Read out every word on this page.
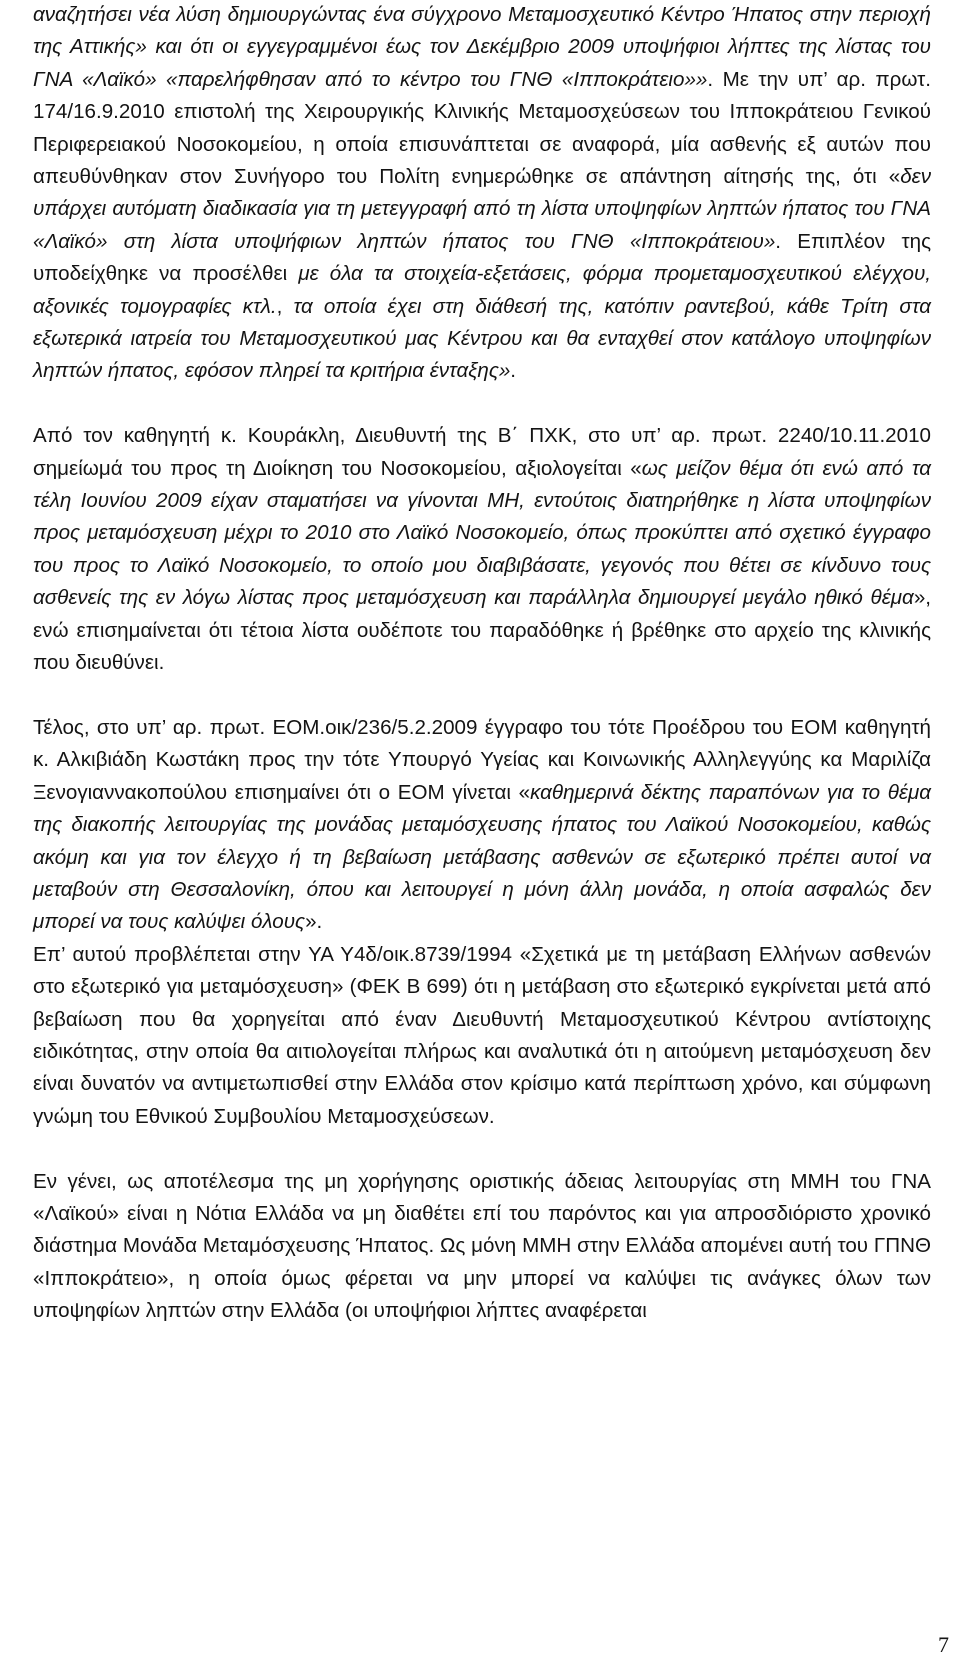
αναζητήσει νέα λύση δημιουργώντας ένα σύγχρονο Μεταμοσχευτικό Κέντρο Ήπατος στην περιοχή της Αττικής» και ότι οι εγγεγραμμένοι έως τον Δεκέμβριο 2009 υποψήφιοι λήπτες της λίστας του ΓΝΑ «Λαϊκό» «παρελήφθησαν από το κέντρο του ΓΝΘ «Ιπποκράτειο»». Με την υπ’ αρ. πρωτ. 174/16.9.2010 επιστολή της Χειρουργικής Κλινικής Μεταμοσχεύσεων του Ιπποκράτειου Γενικού Περιφερειακού Νοσοκομείου, η οποία επισυνάπτεται σε αναφορά, μία ασθενής εξ αυτών που απευθύνθηκαν στον Συνήγορο του Πολίτη ενημερώθηκε σε απάντηση αίτησής της, ότι «δεν υπάρχει αυτόματη διαδικασία για τη μετεγγραφή από τη λίστα υποψηφίων ληπτών ήπατος του ΓΝΑ «Λαϊκό» στη λίστα υποψήφιων ληπτών ήπατος του ΓΝΘ «Ιπποκράτειου». Επιπλέον της υποδείχθηκε να προσέλθει με όλα τα στοιχεία-εξετάσεις, φόρμα προμεταμοσχευτικού ελέγχου, αξονικές τομογραφίες κτλ., τα οποία έχει στη διάθεσή της, κατόπιν ραντεβού, κάθε Τρίτη στα εξωτερικά ιατρεία του Μεταμοσχευτικού μας Κέντρου και θα ενταχθεί στον κατάλογο υποψηφίων ληπτών ήπατος, εφόσον πληρεί τα κριτήρια ένταξης».

Από τον καθηγητή κ. Κουράκλη, Διευθυντή της Β΄ ΠΧΚ, στο υπ’ αρ. πρωτ. 2240/10.11.2010 σημείωμά του προς τη Διοίκηση του Νοσοκομείου, αξιολογείται «ως μείζον θέμα ότι ενώ από τα τέλη Ιουνίου 2009 είχαν σταματήσει να γίνονται ΜΗ, εντούτοις διατηρήθηκε η λίστα υποψηφίων προς μεταμόσχευση μέχρι το 2010 στο Λαϊκό Νοσοκομείο, όπως προκύπτει από σχετικό έγγραφο του προς το Λαϊκό Νοσοκομείο, το οποίο μου διαβιβάσατε, γεγονός που θέτει σε κίνδυνο τους ασθενείς της εν λόγω λίστας προς μεταμόσχευση και παράλληλα δημιουργεί μεγάλο ηθικό θέμα», ενώ επισημαίνεται ότι τέτοια λίστα ουδέποτε του παραδόθηκε ή βρέθηκε στο αρχείο της κλινικής που διευθύνει.

Τέλος, στο υπ’ αρ. πρωτ. ΕΟΜ.οικ/236/5.2.2009 έγγραφο του τότε Προέδρου του ΕΟΜ καθηγητή κ. Αλκιβιάδη Κωστάκη προς την τότε Υπουργό Υγείας και Κοινωνικής Αλληλεγγύης κα Μαριλίζα Ξενογιαννακοπούλου επισημαίνει ότι ο ΕΟΜ γίνεται «καθημερινά δέκτης παραπόνων για το θέμα της διακοπής λειτουργίας της μονάδας μεταμόσχευσης ήπατος του Λαϊκού Νοσοκομείου, καθώς ακόμη και για τον έλεγχο ή τη βεβαίωση μετάβασης ασθενών σε εξωτερικό πρέπει αυτοί να μεταβούν στη Θεσσαλονίκη, όπου και λειτουργεί η μόνη άλλη μονάδα, η οποία ασφαλώς δεν μπορεί να τους καλύψει όλους».

Επ’ αυτού προβλέπεται στην ΥΑ Υ4δ/οικ.8739/1994 «Σχετικά με τη μετάβαση Ελλήνων ασθενών στο εξωτερικό για μεταμόσχευση» (ΦΕΚ Β 699) ότι η μετάβαση στο εξωτερικό εγκρίνεται μετά από βεβαίωση που θα χορηγείται από έναν Διευθυντή Μεταμοσχευτικού Κέντρου αντίστοιχης ειδικότητας, στην οποία θα αιτιολογείται πλήρως και αναλυτικά ότι η αιτούμενη μεταμόσχευση δεν είναι δυνατόν να αντιμετωπισθεί στην Ελλάδα στον κρίσιμο κατά περίπτωση χρόνο, και σύμφωνη γνώμη του Εθνικού Συμβουλίου Μεταμοσχεύσεων.

Εν γένει, ως αποτέλεσμα της μη χορήγησης οριστικής άδειας λειτουργίας στη ΜΜΗ του ΓΝΑ «Λαϊκού» είναι η Νότια Ελλάδα να μη διαθέτει επί του παρόντος και για απροσδιόριστο χρονικό διάστημα Μονάδα Μεταμόσχευσης Ήπατος. Ως μόνη ΜΜΗ στην Ελλάδα απομένει αυτή του ΓΠΝΘ «Ιπποκράτειο», η οποία όμως φέρεται να μην μπορεί να καλύψει τις ανάγκες όλων των υποψηφίων ληπτών στην Ελλάδα (οι υποψήφιοι λήπτες αναφέρεται

7
